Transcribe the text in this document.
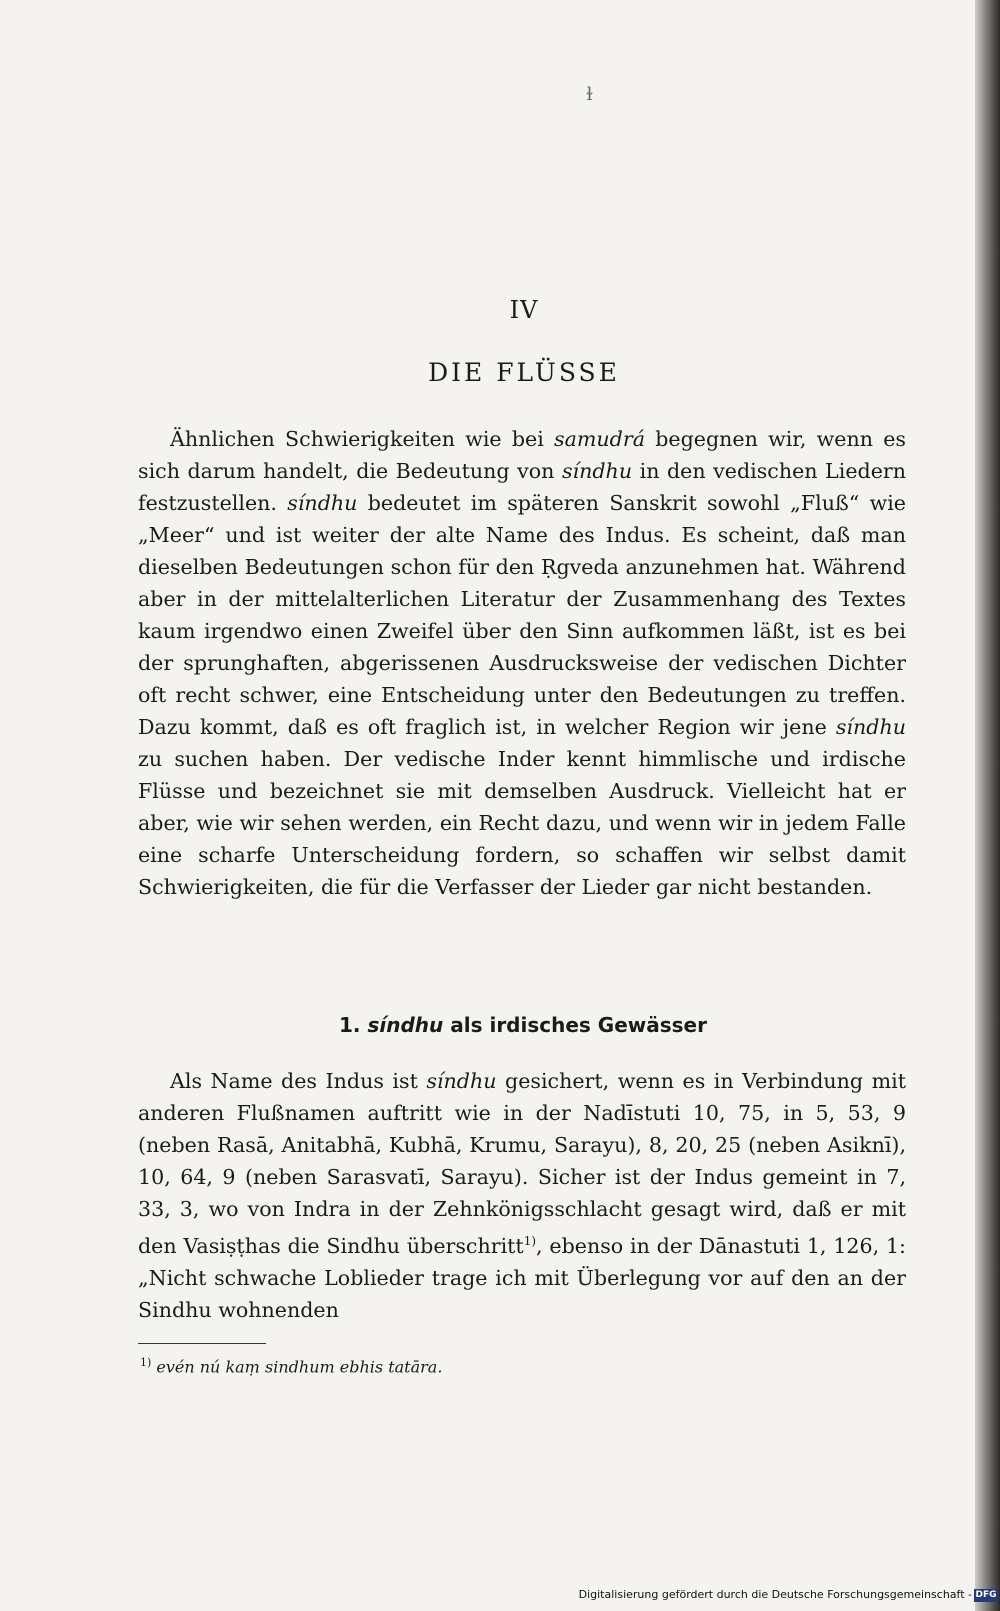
ɫ
IV
DIE FLÜSSE

Ähnlichen Schwierigkeiten wie bei samudrá begegnen wir, wenn es sich darum handelt, die Bedeutung von síndhu in den vedischen Liedern festzustellen. síndhu bedeutet im späteren Sanskrit sowohl „Fluß“ wie „Meer“ und ist weiter der alte Name des Indus. Es scheint, daß man dieselben Bedeutungen schon für den Ṛgveda anzunehmen hat. Während aber in der mittelalterlichen Literatur der Zusammenhang des Textes kaum irgendwo einen Zweifel über den Sinn aufkommen läßt, ist es bei der sprunghaften, abgerissenen Ausdrucksweise der vedischen Dichter oft recht schwer, eine Entscheidung unter den Bedeutungen zu treffen. Dazu kommt, daß es oft fraglich ist, in welcher Region wir jene síndhu zu suchen haben. Der vedische Inder kennt himmlische und irdische Flüsse und bezeichnet sie mit demselben Ausdruck. Vielleicht hat er aber, wie wir sehen werden, ein Recht dazu, und wenn wir in jedem Falle eine scharfe Unterscheidung fordern, so schaffen wir selbst damit Schwierigkeiten, die für die Verfasser der Lieder gar nicht bestanden.

1. síndhu als irdisches Gewässer

Als Name des Indus ist síndhu gesichert, wenn es in Verbindung mit anderen Flußnamen auftritt wie in der Nadīstuti 10, 75, in 5, 53, 9 (neben Rasā, Anitabhā, Kubhā, Krumu, Sarayu), 8, 20, 25 (neben Asiknī), 10, 64, 9 (neben Sarasvatī, Sarayu). Sicher ist der Indus gemeint in 7, 33, 3, wo von Indra in der Zehnkönigsschlacht gesagt wird, daß er mit den Vasiṣṭhas die Sindhu überschritt$^{1)}$, ebenso in der Dānastuti 1, 126, 1: „Nicht schwache Loblieder trage ich mit Überlegung vor auf den an der Sindhu wohnenden

$^{1)}$ evén nú kaṃ sindhum ebhis tatāra.
Digitalisierung gefördert durch die Deutsche Forschungsgemeinschaft - DFG
